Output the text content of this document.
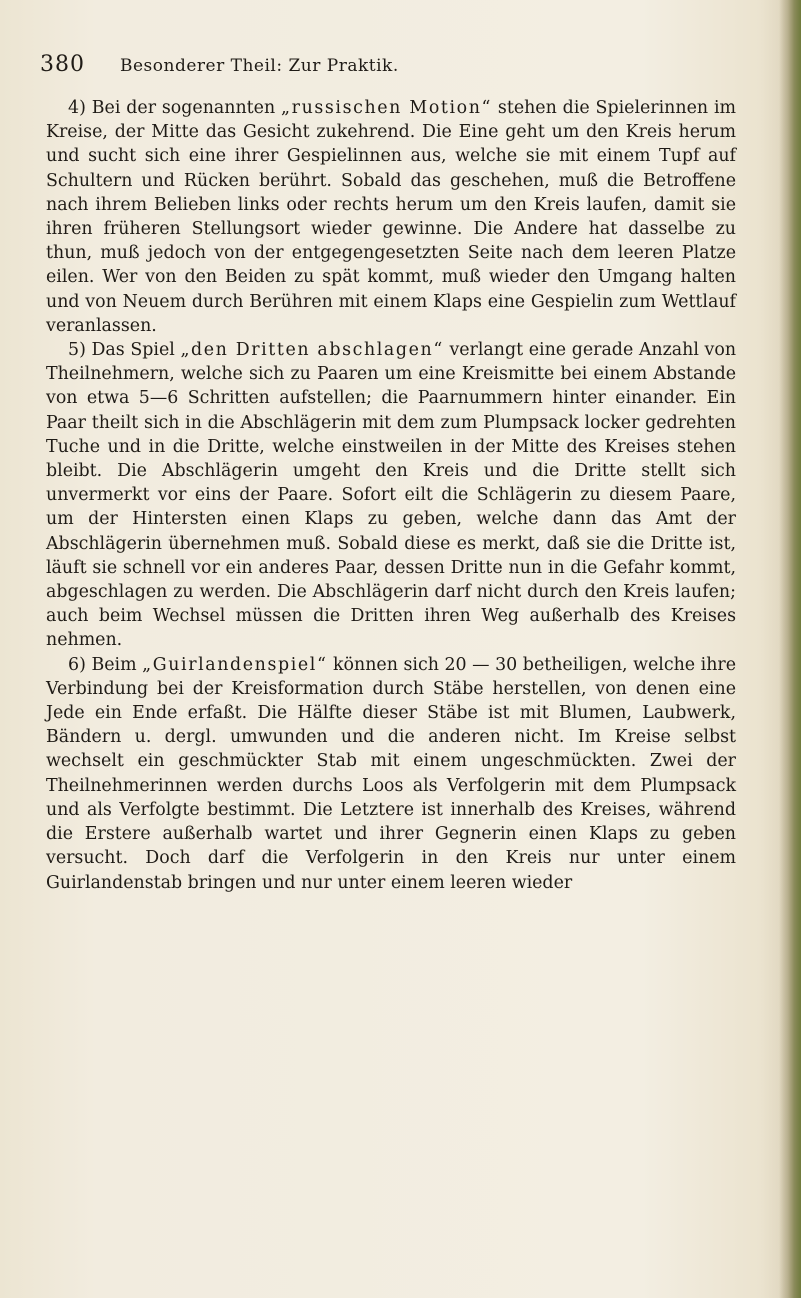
380 Besonderer Theil: Zur Praktik.

4) Bei der sogenannten „russischen Motion“ stehen die Spielerinnen im Kreise, der Mitte das Gesicht zukehrend. Die Eine geht um den Kreis herum und sucht sich eine ihrer Gespielinnen aus, welche sie mit einem Tupf auf Schultern und Rücken berührt. Sobald das geschehen, muß die Betroffene nach ihrem Belieben links oder rechts herum um den Kreis laufen, damit sie ihren früheren Stellungsort wieder gewinne. Die Andere hat dasselbe zu thun, muß jedoch von der entgegengesetzten Seite nach dem leeren Platze eilen. Wer von den Beiden zu spät kommt, muß wieder den Umgang halten und von Neuem durch Berühren mit einem Klaps eine Gespielin zum Wettlauf veranlassen.

5) Das Spiel „den Dritten abschlagen“ verlangt eine gerade Anzahl von Theilnehmern, welche sich zu Paaren um eine Kreismitte bei einem Abstande von etwa 5—6 Schritten aufstellen; die Paarnummern hinter einander. Ein Paar theilt sich in die Abschlägerin mit dem zum Plumpsack locker gedrehten Tuche und in die Dritte, welche einstweilen in der Mitte des Kreises stehen bleibt. Die Abschlägerin umgeht den Kreis und die Dritte stellt sich unvermerkt vor eins der Paare. Sofort eilt die Schlägerin zu diesem Paare, um der Hintersten einen Klaps zu geben, welche dann das Amt der Abschlägerin übernehmen muß. Sobald diese es merkt, daß sie die Dritte ist, läuft sie schnell vor ein anderes Paar, dessen Dritte nun in die Gefahr kommt, abgeschlagen zu werden. Die Abschlägerin darf nicht durch den Kreis laufen; auch beim Wechsel müssen die Dritten ihren Weg außerhalb des Kreises nehmen.

6) Beim „Guirlandenspiel“ können sich 20 — 30 betheiligen, welche ihre Verbindung bei der Kreisformation durch Stäbe herstellen, von denen eine Jede ein Ende erfaßt. Die Hälfte dieser Stäbe ist mit Blumen, Laubwerk, Bändern u. dergl. umwunden und die anderen nicht. Im Kreise selbst wechselt ein geschmückter Stab mit einem ungeschmückten. Zwei der Theilnehmerinnen werden durchs Loos als Verfolgerin mit dem Plumpsack und als Verfolgte bestimmt. Die Letztere ist innerhalb des Kreises, während die Erstere außerhalb wartet und ihrer Gegnerin einen Klaps zu geben versucht. Doch darf die Verfolgerin in den Kreis nur unter einem Guirlandenstab bringen und nur unter einem leeren wieder
